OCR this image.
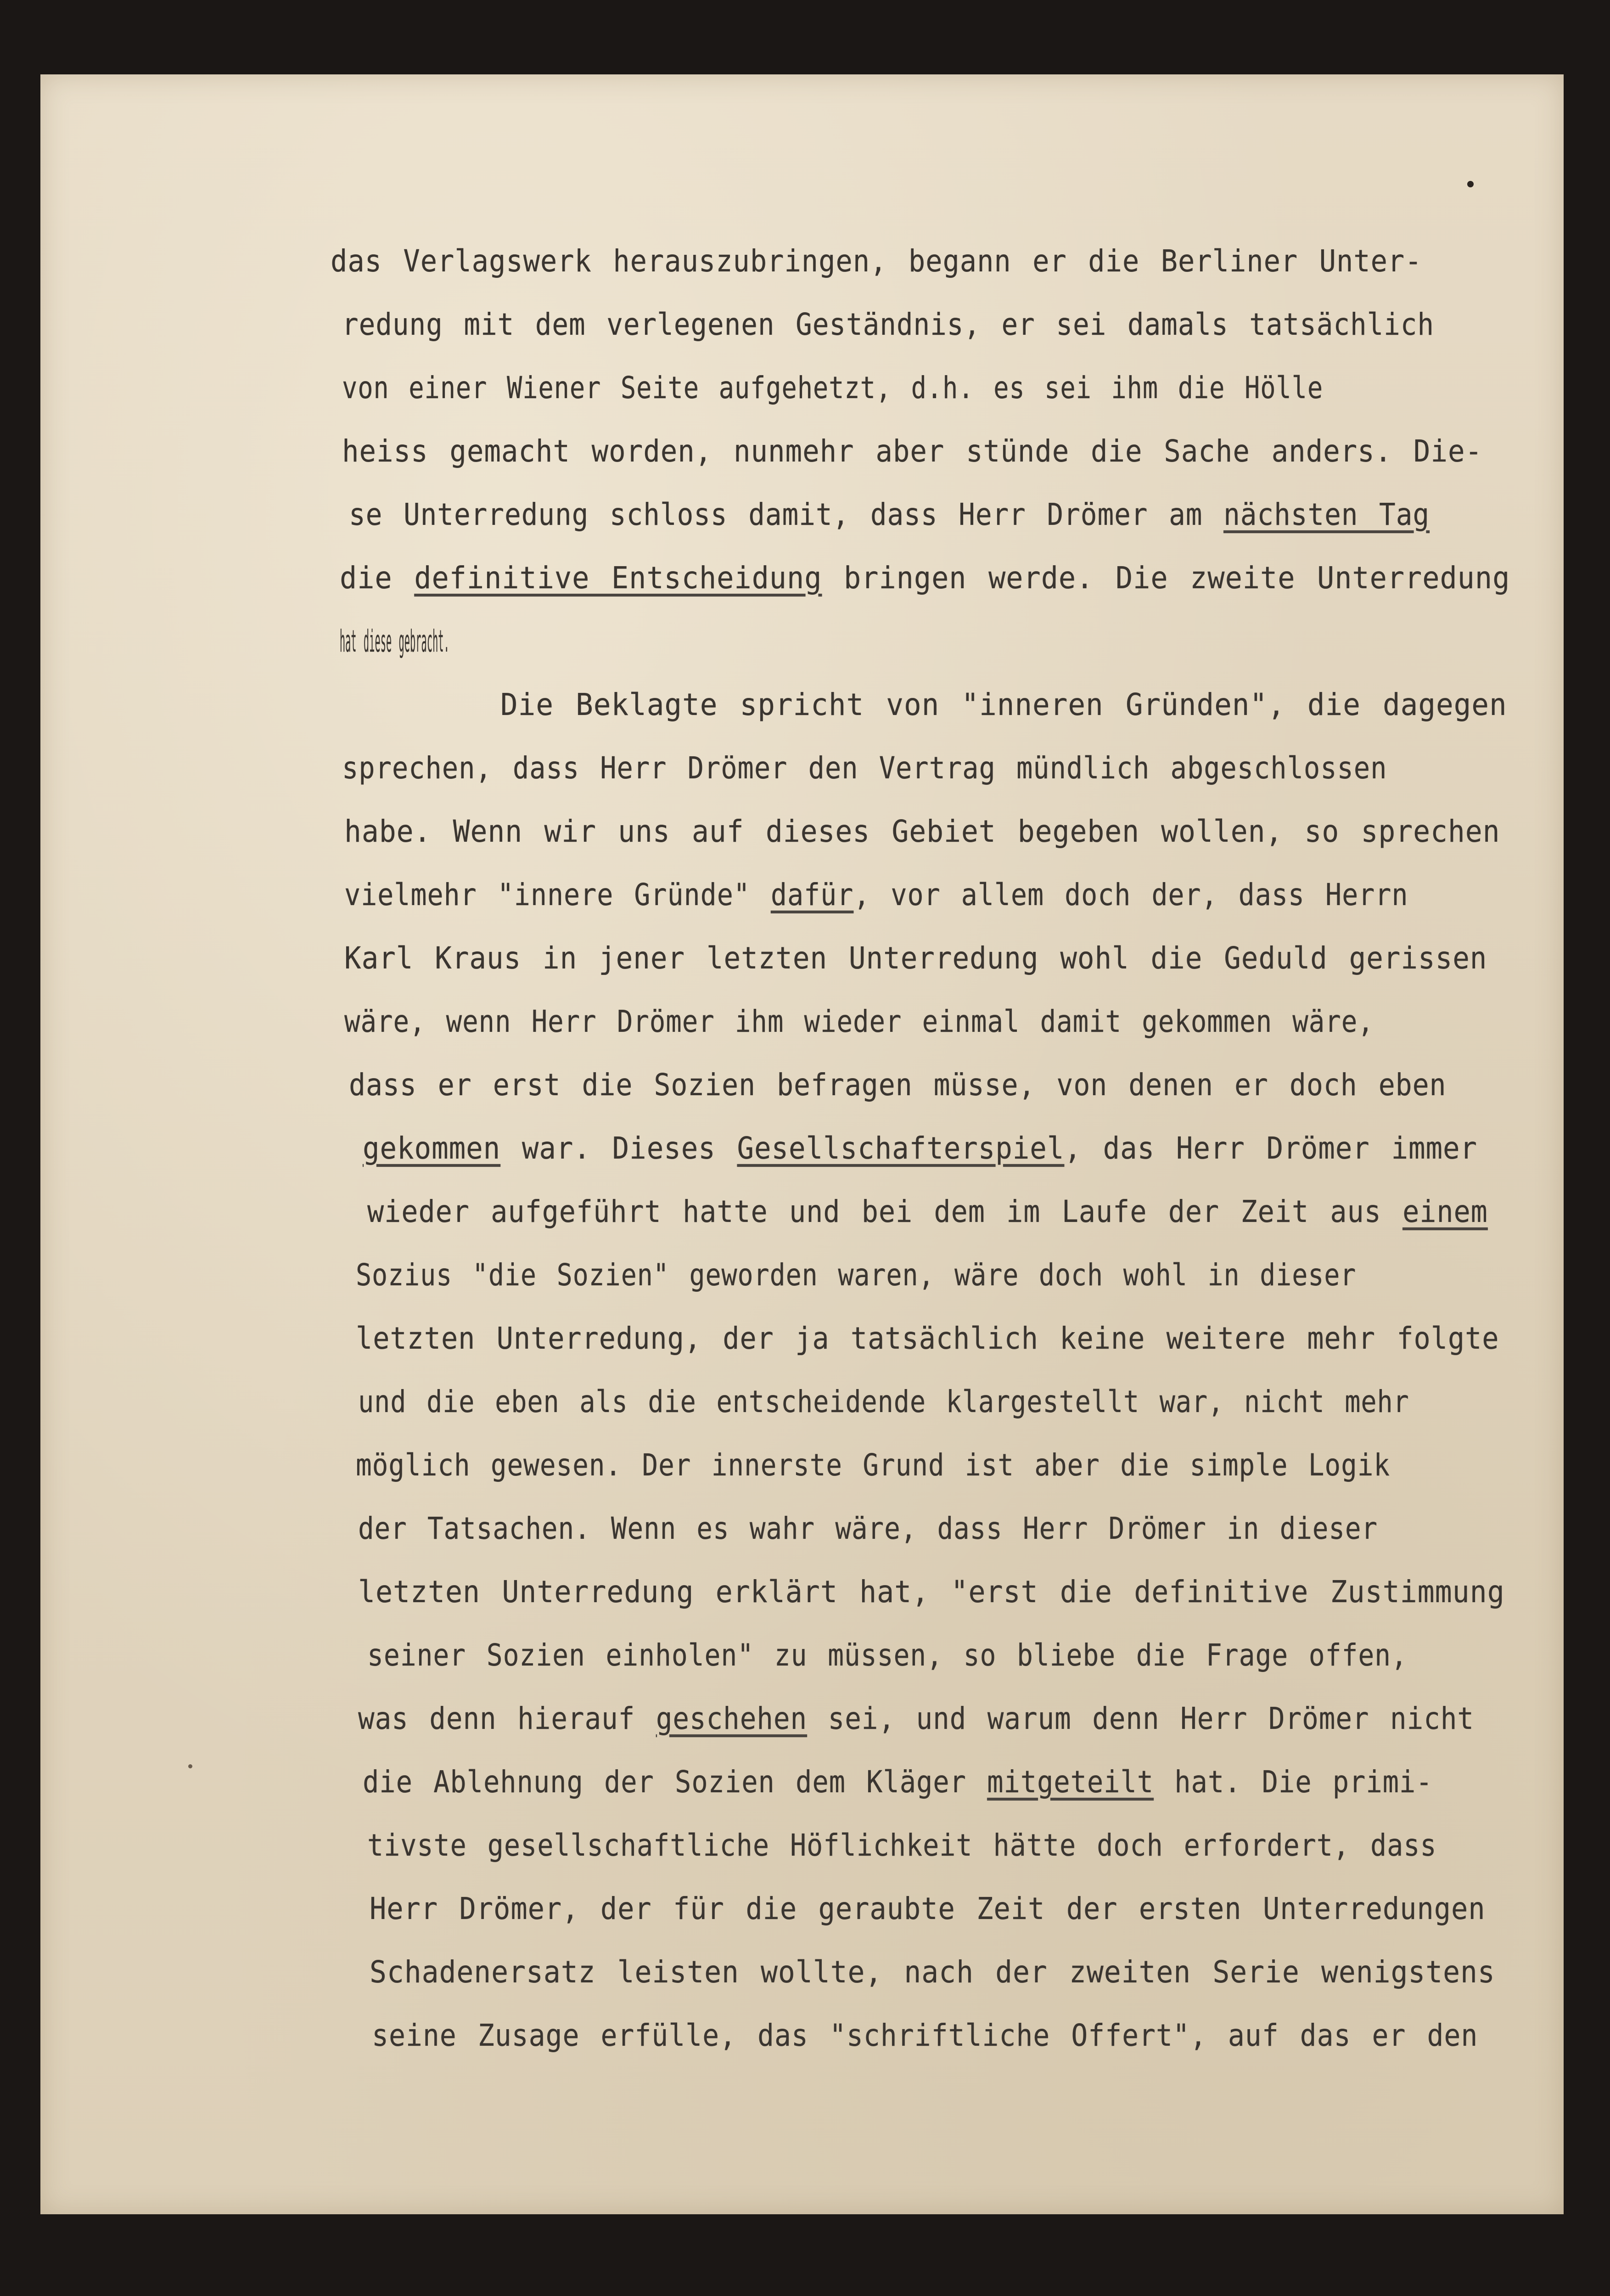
das Verlagswerk herauszubringen, begann er die Berliner Unter-
redung mit dem verlegenen Geständnis, er sei damals tatsächlich
von einer Wiener Seite aufgehetzt, d.h. es sei ihm die Hölle
heiss gemacht worden, nunmehr aber stünde die Sache anders. Die-
se Unterredung schloss damit, dass Herr Drömer am nächsten Tag
die definitive Entscheidung bringen werde. Die zweite Unterredung
hat diese gebracht.
Die Beklagte spricht von "inneren Gründen", die dagegen
sprechen, dass Herr Drömer den Vertrag mündlich abgeschlossen
habe. Wenn wir uns auf dieses Gebiet begeben wollen, so sprechen
vielmehr "innere Gründe" dafür, vor allem doch der, dass Herrn
Karl Kraus in jener letzten Unterredung wohl die Geduld gerissen
wäre, wenn Herr Drömer ihm wieder einmal damit gekommen wäre,
dass er erst die Sozien befragen müsse, von denen er doch eben
gekommen war. Dieses Gesellschafterspiel, das Herr Drömer immer
wieder aufgeführt hatte und bei dem im Laufe der Zeit aus einem
Sozius "die Sozien" geworden waren, wäre doch wohl in dieser
letzten Unterredung, der ja tatsächlich keine weitere mehr folgte
und die eben als die entscheidende klargestellt war, nicht mehr
möglich gewesen. Der innerste Grund ist aber die simple Logik
der Tatsachen. Wenn es wahr wäre, dass Herr Drömer in dieser
letzten Unterredung erklärt hat, "erst die definitive Zustimmung
seiner Sozien einholen" zu müssen, so bliebe die Frage offen,
was denn hierauf geschehen sei, und warum denn Herr Drömer nicht
die Ablehnung der Sozien dem Kläger mitgeteilt hat. Die primi-
tivste gesellschaftliche Höflichkeit hätte doch erfordert, dass
Herr Drömer, der für die geraubte Zeit der ersten Unterredungen
Schadenersatz leisten wollte, nach der zweiten Serie wenigstens
seine Zusage erfülle, das "schriftliche Offert", auf das er den
